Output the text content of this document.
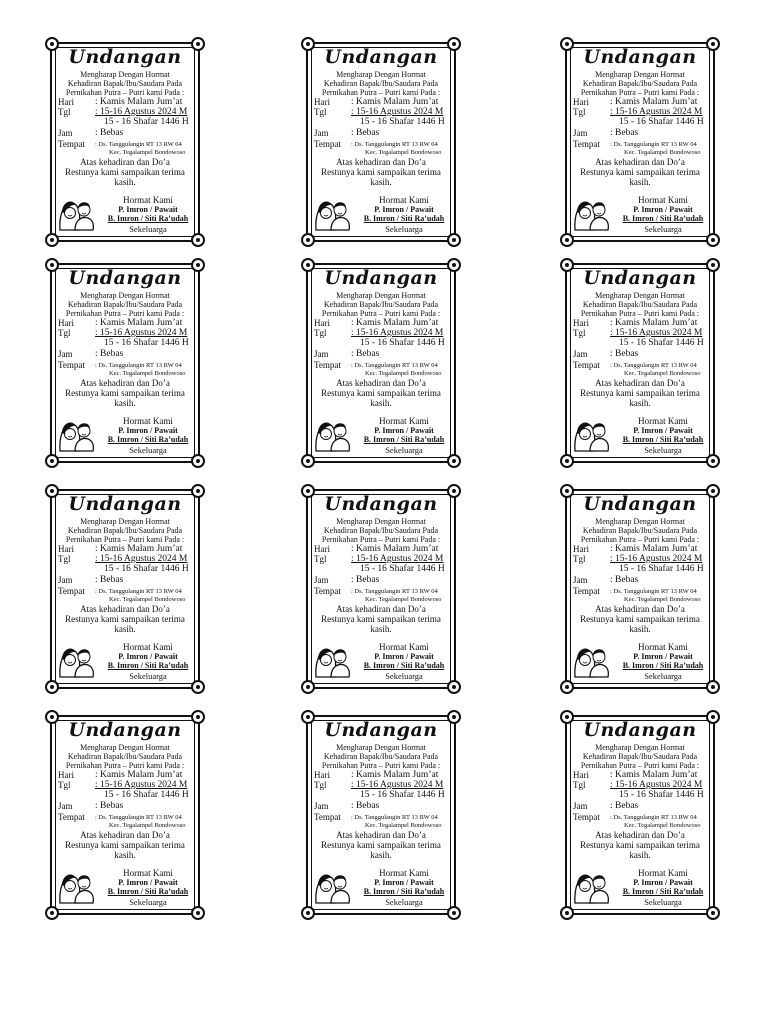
Undangan
Mengharap Dengan Hormat
Kehadiran Bapak/Ibu/Saudara Pada
Pernikahan Putra – Putri kami Pada :
Hari : Kamis Malam Jum’at
Tgl	: 15-16 Agustus 2024 M
15 - 16 Shafar 1446 H
Jam : Bebas
Tempat : Ds. Tanggulangin RT 13 RW 04
Kec. Tegalampel Bondowoso
Atas kehadiran dan Do’a
Restunya kami sampaikan terima
kasih.
Hormat Kami
P. Imron / Pawait
B. Imron / Siti Ra’udah
Sekeluarga
Undangan
Mengharap Dengan Hormat
Kehadiran Bapak/Ibu/Saudara Pada
Pernikahan Putra – Putri kami Pada :
Hari : Kamis Malam Jum’at
Tgl	: 15-16 Agustus 2024 M
15 - 16 Shafar 1446 H
Jam : Bebas
Tempat : Ds. Tanggulangin RT 13 RW 04
Kec. Tegalampel Bondowoso
Atas kehadiran dan Do’a
Restunya kami sampaikan terima
kasih.
Hormat Kami
P. Imron / Pawait
B. Imron / Siti Ra’udah
Sekeluarga
Undangan
Mengharap Dengan Hormat
Kehadiran Bapak/Ibu/Saudara Pada
Pernikahan Putra – Putri kami Pada :
Hari : Kamis Malam Jum’at
Tgl	: 15-16 Agustus 2024 M
15 - 16 Shafar 1446 H
Jam : Bebas
Tempat : Ds. Tanggulangin RT 13 RW 04
Kec. Tegalampel Bondowoso
Atas kehadiran dan Do’a
Restunya kami sampaikan terima
kasih.
Hormat Kami
P. Imron / Pawait
B. Imron / Siti Ra’udah
Sekeluarga
Undangan
Mengharap Dengan Hormat
Kehadiran Bapak/Ibu/Saudara Pada
Pernikahan Putra – Putri kami Pada :
Hari : Kamis Malam Jum’at
Tgl	: 15-16 Agustus 2024 M
15 - 16 Shafar 1446 H
Jam : Bebas
Tempat : Ds. Tanggulangin RT 13 RW 04
Kec. Tegalampel Bondowoso
Atas kehadiran dan Do’a
Restunya kami sampaikan terima
kasih.
Hormat Kami
P. Imron / Pawait
B. Imron / Siti Ra’udah
Sekeluarga
Undangan
Mengharap Dengan Hormat
Kehadiran Bapak/Ibu/Saudara Pada
Pernikahan Putra – Putri kami Pada :
Hari : Kamis Malam Jum’at
Tgl	: 15-16 Agustus 2024 M
15 - 16 Shafar 1446 H
Jam : Bebas
Tempat : Ds. Tanggulangin RT 13 RW 04
Kec. Tegalampel Bondowoso
Atas kehadiran dan Do’a
Restunya kami sampaikan terima
kasih.
Hormat Kami
P. Imron / Pawait
B. Imron / Siti Ra’udah
Sekeluarga
Undangan
Mengharap Dengan Hormat
Kehadiran Bapak/Ibu/Saudara Pada
Pernikahan Putra – Putri kami Pada :
Hari : Kamis Malam Jum’at
Tgl	: 15-16 Agustus 2024 M
15 - 16 Shafar 1446 H
Jam : Bebas
Tempat : Ds. Tanggulangin RT 13 RW 04
Kec. Tegalampel Bondowoso
Atas kehadiran dan Do’a
Restunya kami sampaikan terima
kasih.
Hormat Kami
P. Imron / Pawait
B. Imron / Siti Ra’udah
Sekeluarga
Undangan
Mengharap Dengan Hormat
Kehadiran Bapak/Ibu/Saudara Pada
Pernikahan Putra – Putri kami Pada :
Hari : Kamis Malam Jum’at
Tgl	: 15-16 Agustus 2024 M
15 - 16 Shafar 1446 H
Jam : Bebas
Tempat : Ds. Tanggulangin RT 13 RW 04
Kec. Tegalampel Bondowoso
Atas kehadiran dan Do’a
Restunya kami sampaikan terima
kasih.
Hormat Kami
P. Imron / Pawait
B. Imron / Siti Ra’udah
Sekeluarga
Undangan
Mengharap Dengan Hormat
Kehadiran Bapak/Ibu/Saudara Pada
Pernikahan Putra – Putri kami Pada :
Hari : Kamis Malam Jum’at
Tgl	: 15-16 Agustus 2024 M
15 - 16 Shafar 1446 H
Jam : Bebas
Tempat : Ds. Tanggulangin RT 13 RW 04
Kec. Tegalampel Bondowoso
Atas kehadiran dan Do’a
Restunya kami sampaikan terima
kasih.
Hormat Kami
P. Imron / Pawait
B. Imron / Siti Ra’udah
Sekeluarga
Undangan
Mengharap Dengan Hormat
Kehadiran Bapak/Ibu/Saudara Pada
Pernikahan Putra – Putri kami Pada :
Hari : Kamis Malam Jum’at
Tgl	: 15-16 Agustus 2024 M
15 - 16 Shafar 1446 H
Jam : Bebas
Tempat : Ds. Tanggulangin RT 13 RW 04
Kec. Tegalampel Bondowoso
Atas kehadiran dan Do’a
Restunya kami sampaikan terima
kasih.
Hormat Kami
P. Imron / Pawait
B. Imron / Siti Ra’udah
Sekeluarga
Undangan
Mengharap Dengan Hormat
Kehadiran Bapak/Ibu/Saudara Pada
Pernikahan Putra – Putri kami Pada :
Hari : Kamis Malam Jum’at
Tgl	: 15-16 Agustus 2024 M
15 - 16 Shafar 1446 H
Jam : Bebas
Tempat : Ds. Tanggulangin RT 13 RW 04
Kec. Tegalampel Bondowoso
Atas kehadiran dan Do’a
Restunya kami sampaikan terima
kasih.
Hormat Kami
P. Imron / Pawait
B. Imron / Siti Ra’udah
Sekeluarga
Undangan
Mengharap Dengan Hormat
Kehadiran Bapak/Ibu/Saudara Pada
Pernikahan Putra – Putri kami Pada :
Hari : Kamis Malam Jum’at
Tgl	: 15-16 Agustus 2024 M
15 - 16 Shafar 1446 H
Jam : Bebas
Tempat : Ds. Tanggulangin RT 13 RW 04
Kec. Tegalampel Bondowoso
Atas kehadiran dan Do’a
Restunya kami sampaikan terima
kasih.
Hormat Kami
P. Imron / Pawait
B. Imron / Siti Ra’udah
Sekeluarga
Undangan
Mengharap Dengan Hormat
Kehadiran Bapak/Ibu/Saudara Pada
Pernikahan Putra – Putri kami Pada :
Hari : Kamis Malam Jum’at
Tgl	: 15-16 Agustus 2024 M
15 - 16 Shafar 1446 H
Jam : Bebas
Tempat : Ds. Tanggulangin RT 13 RW 04
Kec. Tegalampel Bondowoso
Atas kehadiran dan Do’a
Restunya kami sampaikan terima
kasih.
Hormat Kami
P. Imron / Pawait
B. Imron / Siti Ra’udah
Sekeluarga
